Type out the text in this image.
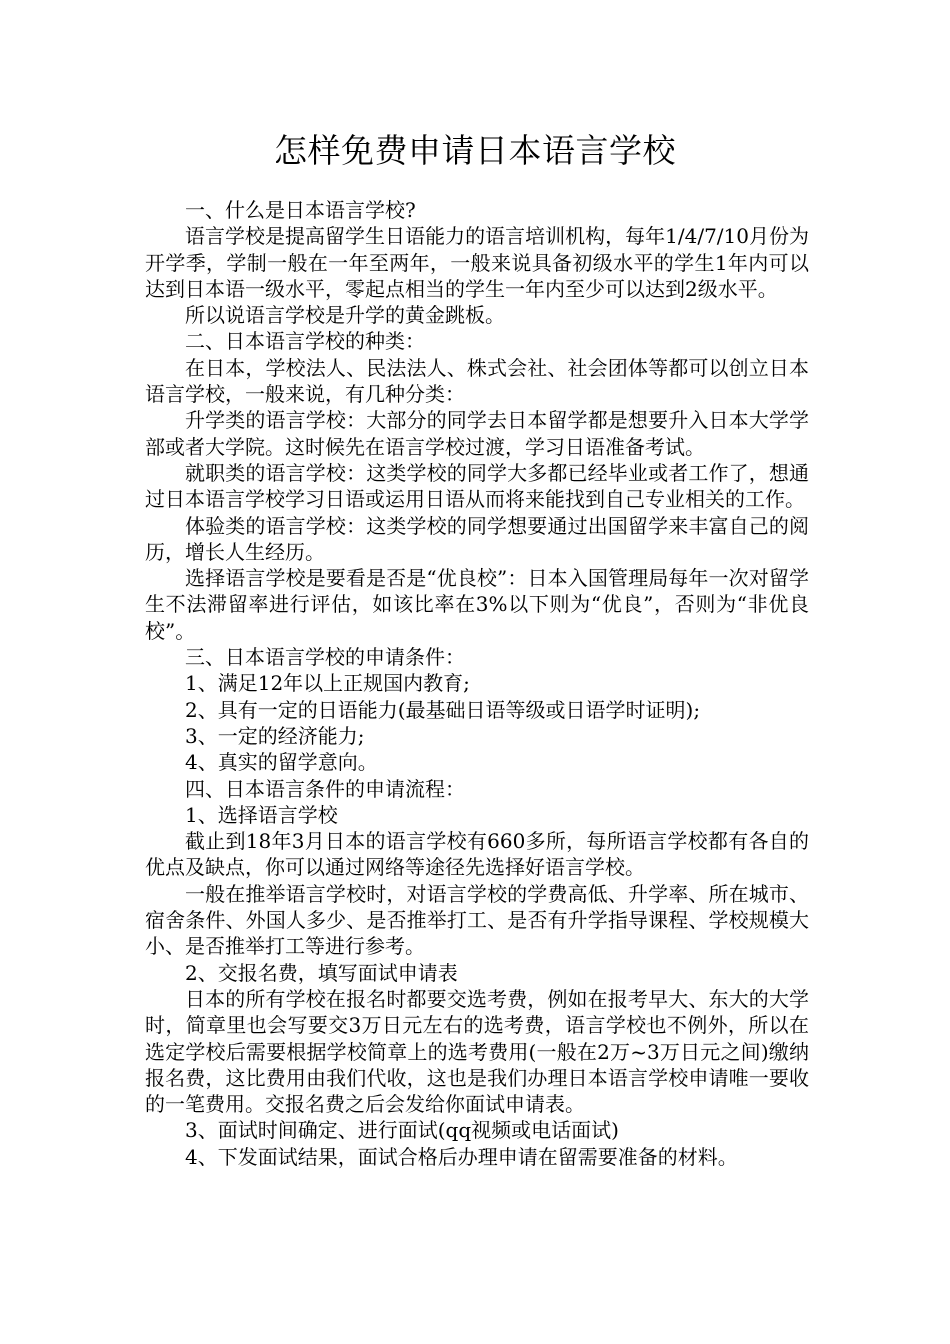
怎样免费申请日本语言学校

一、什么是日本语言学校?

语言学校是提高留学生日语能力的语言培训机构，每年1/4/7/10月份为开学季，学制一般在一年至两年，一般来说具备初级水平的学生1年内可以达到日本语一级水平，零起点相当的学生一年内至少可以达到2级水平。

所以说语言学校是升学的黄金跳板。

二、日本语言学校的种类：

在日本，学校法人、民法法人、株式会社、社会团体等都可以创立日本语言学校，一般来说，有几种分类：

升学类的语言学校：大部分的同学去日本留学都是想要升入日本大学学部或者大学院。这时候先在语言学校过渡，学习日语准备考试。

就职类的语言学校：这类学校的同学大多都已经毕业或者工作了，想通过日本语言学校学习日语或运用日语从而将来能找到自己专业相关的工作。

体验类的语言学校：这类学校的同学想要通过出国留学来丰富自己的阅历，增长人生经历。

选择语言学校是要看是否是“优良校”：日本入国管理局每年一次对留学生不法滞留率进行评估，如该比率在3%以下则为“优良”，否则为“非优良校”。

三、日本语言学校的申请条件：

1、满足12年以上正规国内教育;

2、具有一定的日语能力(最基础日语等级或日语学时证明);

3、一定的经济能力;

4、真实的留学意向。

四、日本语言条件的申请流程：

1、选择语言学校

截止到18年3月日本的语言学校有660多所，每所语言学校都有各自的优点及缺点，你可以通过网络等途径先选择好语言学校。

一般在推举语言学校时，对语言学校的学费高低、升学率、所在城市、宿舍条件、外国人多少、是否推举打工、是否有升学指导课程、学校规模大小、是否推举打工等进行参考。

2、交报名费，填写面试申请表

日本的所有学校在报名时都要交选考费，例如在报考早大、东大的大学时，简章里也会写要交3万日元左右的选考费，语言学校也不例外，所以在选定学校后需要根据学校简章上的选考费用(一般在2万~3万日元之间)缴纳报名费，这比费用由我们代收，这也是我们办理日本语言学校申请唯一要收的一笔费用。交报名费之后会发给你面试申请表。

3、面试时间确定、进行面试(qq视频或电话面试)

4、下发面试结果，面试合格后办理申请在留需要准备的材料。
